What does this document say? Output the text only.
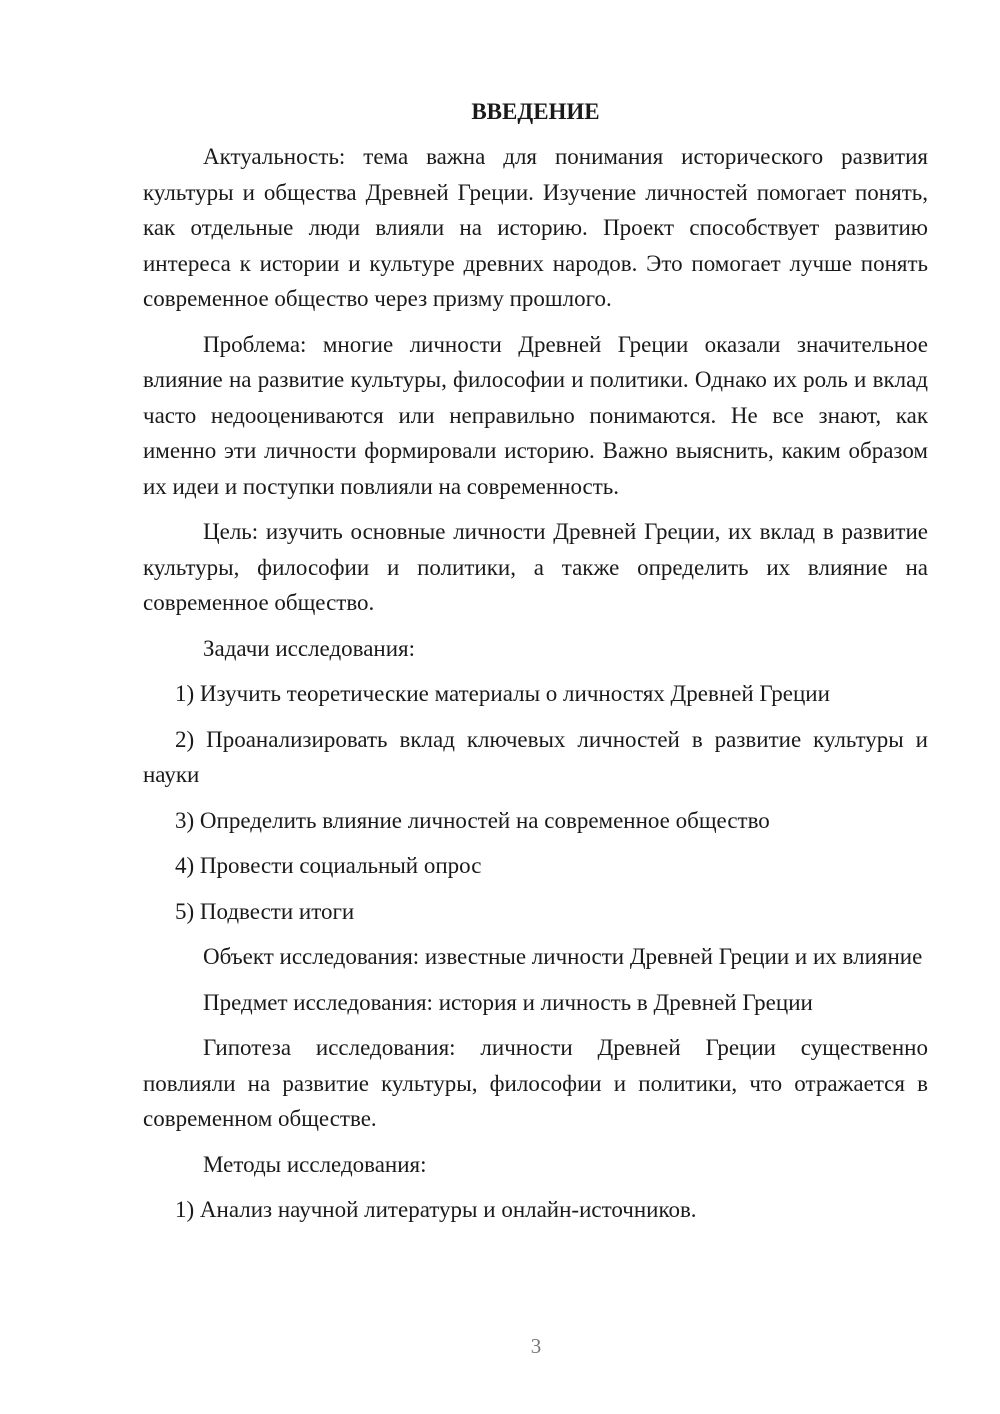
ВВЕДЕНИЕ

Актуальность: тема важна для понимания исторического развития культуры и общества Древней Греции. Изучение личностей помогает понять, как отдельные люди влияли на историю. Проект способствует развитию интереса к истории и культуре древних народов. Это помогает лучше понять современное общество через призму прошлого.

Проблема: многие личности Древней Греции оказали значительное влияние на развитие культуры, философии и политики. Однако их роль и вклад часто недооцениваются или неправильно понимаются. Не все знают, как именно эти личности формировали историю. Важно выяснить, каким образом их идеи и поступки повлияли на современность.

Цель: изучить основные личности Древней Греции, их вклад в развитие культуры, философии и политики, а также определить их влияние на современное общество.

Задачи исследования:

1) Изучить теоретические материалы о личностях Древней Греции

2) Проанализировать вклад ключевых личностей в развитие культуры и науки

3) Определить влияние личностей на современное общество

4) Провести социальный опрос

5) Подвести итоги

Объект исследования: известные личности Древней Греции и их влияние

Предмет исследования: история и личность в Древней Греции

Гипотеза исследования: личности Древней Греции существенно повлияли на развитие культуры, философии и политики, что отражается в современном обществе.

Методы исследования:

1) Анализ научной литературы и онлайн-источников.

3
